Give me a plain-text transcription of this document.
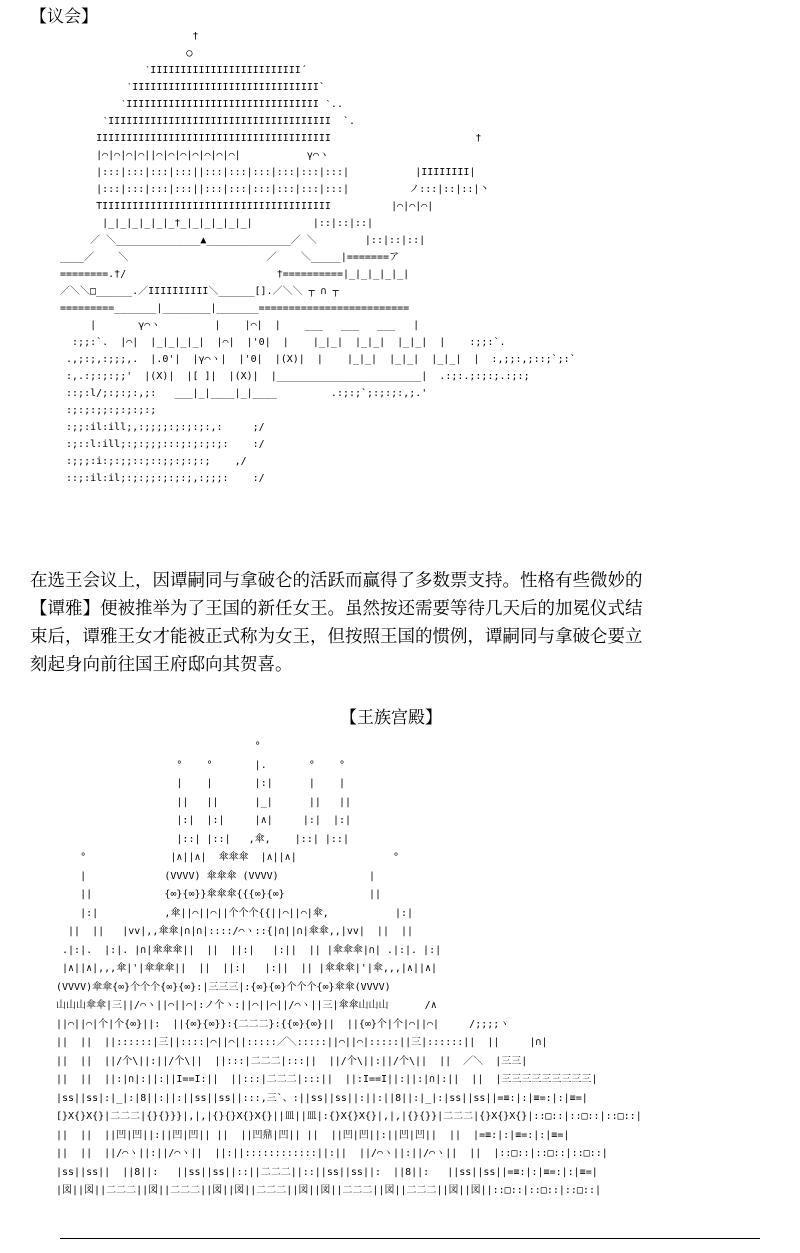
【议会】
†
◯
‵IIIIIIIIIIIIIIIIIIIIIIIII´
‵IIIIIIIIIIIIIIIIIIIIIIIIIIIIIII`
‵IIIIIIIIIIIIIIIIIIIIIIIIIIIIIIII ‵..
‵IIIIIIIIIIIIIIIIIIIIIIIIIIIIIIIIIIIII  `.
IIIIIIIIIIIIIIIIIIIIIIIIIIIIIIIIIIIIIII                        †
|⌒|⌒|⌒|⌒||⌒|⌒|⌒|⌒|⌒|⌒|⌒|           γ⌒ヽ
|:::|:::|:::|:::||:::|:::|:::|:::|:::|:::|           |IIIIIIII|
|:::|:::|:::|:::||:::|:::|:::|:::|:::|:::|          ノ:::|::|::|丶
TIIIIIIIIIIIIIIIIIIIIIIIIIIIIIIIIIIIIII          |⌒|⌒|⌒|
|_|_|_|_|_|_†_|_|_|_|_|_|          |::|::|::|
／ ＼______________▲______________／ ＼        |::|::|::|
____／    ＼                       ／    ＼_____|=======ア
========.†/                         †==========|_|_|_|_|_|
／＼＼□______.／IIIIIIIIII＼______[].／＼＼ ┬ ∩ ┬
=========_______|________|_______=========================
|       γ⌒ヽ         |    |⌒|  |    ___   ___   ___   |
:;;:`.  |⌒|  |_|_|_|_|  |⌒|  |'0|  |    |_|_|  |_|_|  |_|_|  |    :;;:`.
.,;:;,:;;;,.  |.0'|  |γ⌒ヽ|  |'0|  |(X)|  |    |_|_|  |_|_|  |_|_|  |  :,;;:,;::;`;:`
:,.:;:;:;;'  |(X)|  |[ ]|  |(X)|  |________________________|  .:;:.;:;:;.:;:;
::;:l/;:;:;:,;:   ___|_|____|_|____         .:;:;`;:;:;:,;.'
:;:;:;;:;:;:;:;
:;;:il:ill;,:;;;;:;:;:;:,:     ;/
:;::l:ill;:;:;;;:::;:;:;:;:    :/
:;;;:i:;:;;::;::;;:;:;:;    ,/
::;:il:il;:;:;;:;:;:;,:;;;:    :/
在选王会议上，因谭嗣同与拿破仑的活跃而赢得了多数票支持。性格有些微妙的
【谭雅】便被推举为了王国的新任女王。虽然按还需要等待几天后的加冕仪式结
束后，谭雅王女才能被正式称为女王，但按照王国的惯例，谭嗣同与拿破仑要立
刻起身向前往国王府邸向其贺喜。
【王族宫殿】
°
°    °       |.       °    °
|    |       |:|      |    |
||   ||      |_|      ||   ||
|:|  |:|     |∧|     |:|  |:|
|::| |::|   ,傘,    |::| |::|
°              |∧||∧|  傘傘傘  |∧||∧|                °
|             (VVVV) 傘傘傘 (VVVV)               |
||            {∞}{∞}}傘傘傘{{{∞}{∞}              ||
|:|           ,傘||⌒||⌒||个个个{{||⌒||⌒|傘,           |:|
||  ||   |vv|,,傘傘|∩|∩|::::/⌒ヽ::{|∩||∩|傘傘,,|vv|  ||  ||
.|:|.  |:|. |∩|傘傘傘||  ||  ||:|   |:||  || |傘傘傘|∩| .|:|. |:|
|∧||∧|,,,傘|'|傘傘傘||  ||  ||:|   |:||  || |傘傘傘|'|傘,,,|∧||∧|
(VVVV)傘傘{∞}个个个{∞}{∞}:|三三三|:{∞}{∞}个个个{∞}傘傘(VVVV)
山山山傘傘|三||/⌒ヽ||⌒||⌒|:ノ个ヽ:||⌒||⌒||/⌒ヽ||三|傘傘山山山      /∧
||⌒||⌒|个|个{∞}||:  ||{∞}{∞}}:{二二二}:{{∞}{∞}||  ||{∞}个|个|⌒||⌒|     /;;;;ヽ
||  ||  ||::::::|三||::::|⌒||⌒||:::::／＼:::::||⌒||⌒|:::::||三|::::::||  ||     |∩|
||  ||  ||/个\||:||/个\||  ||:::|二二二|:::||  ||/个\||:||/个\||  ||  ／＼  |三三|
||  ||  ||:|∩|:||:||I==I:||  ||:::|二二二|:::||  ||:I==I||:||:|∩|:||  ||  |三三三三三三三三三|
|ss||ss|:|_|:|8||:||:||ss||ss||:::,三`、:||ss||ss||:||:||8||:|_|:|ss||ss||=≡:|:|≡=:|:|≡=|
[}X{}X{}|二二二|{}{}}}|,|,|{}{}X{}X{}||皿||皿|:{}X{}X{}|,|,|{}{}}|二二二|{}X{}X{}|::□::|::□::|::□::|
||  ||  ||凹|凹||:||凹|凹|| ||  ||凹鼎|凹|| ||  ||凹|凹||:||凹|凹||  ||  |=≡:|:|≡=:|:|≡=|
||  ||  ||/⌒ヽ||:||/⌒ヽ||  ||:||::::::::::::||:||  ||/⌒ヽ||:||/⌒ヽ||  ||  |::□::|::□::|::□::|
|ss||ss||  ||8||:   ||ss||ss||::||二二二||::||ss||ss||:  ||8||:   ||ss||ss||=≡:|:|≡=:|:|≡=|
|図||図||二二二||図||二二二||図||図||二二二||図||図||二二二||図||二二二||図||図||::□::|::□::|::□::|
